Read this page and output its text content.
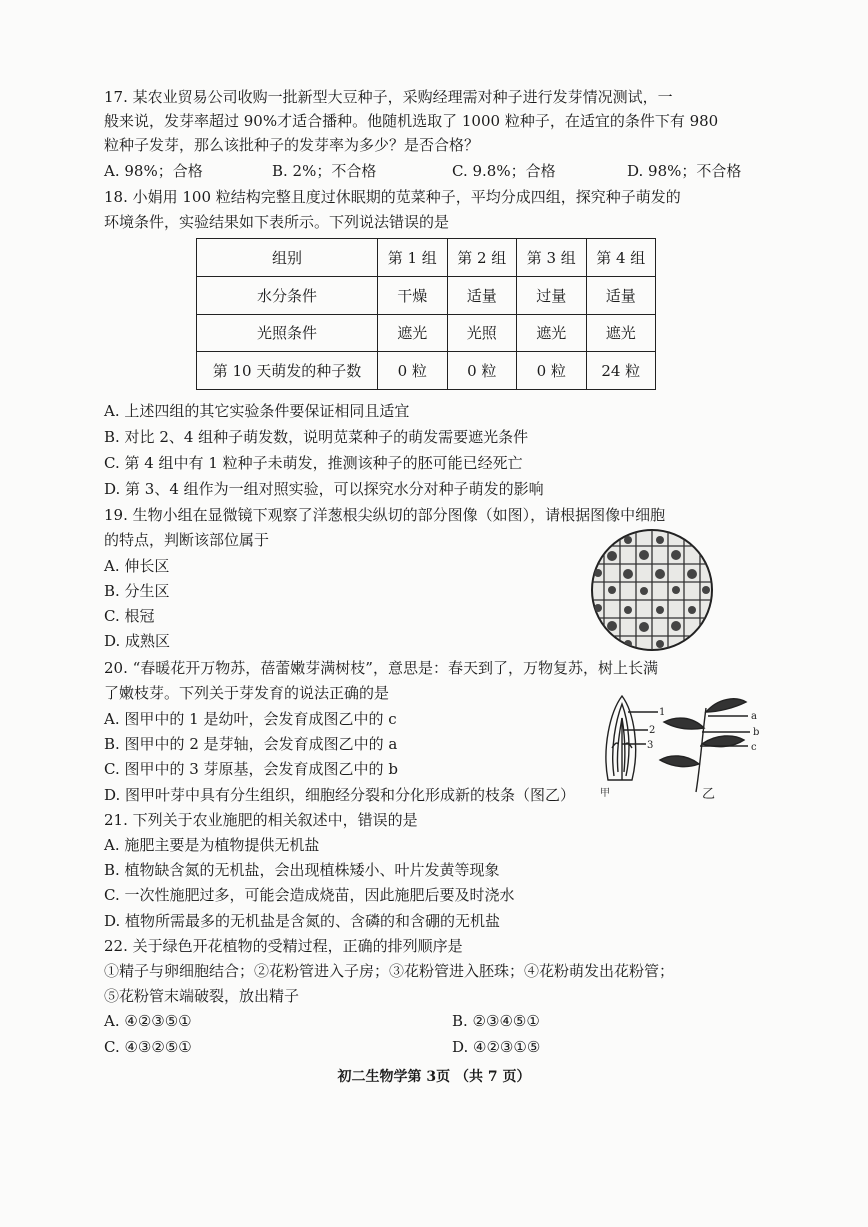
17. 某农业贸易公司收购一批新型大豆种子，采购经理需对种子进行发芽情况测试，一
般来说，发芽率超过 90%才适合播种。他随机选取了 1000 粒种子，在适宜的条件下有 980
粒种子发芽，那么该批种子的发芽率为多少？是否合格？
A. 98%；合格	B. 2%；不合格	C. 9.8%；合格	D. 98%；不合格
18. 小娟用 100 粒结构完整且度过休眠期的苋菜种子，平均分成四组，探究种子萌发的
环境条件，实验结果如下表所示。下列说法错误的是
组别	第 1 组	第 2 组	第 3 组	第 4 组
水分条件	干燥	适量	过量	适量
光照条件	遮光	光照	遮光	遮光
第 10 天萌发的种子数	0 粒	0 粒	0 粒	24 粒
A. 上述四组的其它实验条件要保证相同且适宜
B. 对比 2、4 组种子萌发数，说明苋菜种子的萌发需要遮光条件
C. 第 4 组中有 1 粒种子未萌发，推测该种子的胚可能已经死亡
D. 第 3、4 组作为一组对照实验，可以探究水分对种子萌发的影响
19. 生物小组在显微镜下观察了洋葱根尖纵切的部分图像（如图），请根据图像中细胞
的特点，判断该部位属于
A. 伸长区
B. 分生区
C. 根冠
D. 成熟区
20. “春暖花开万物苏，蓓蕾嫩芽满树枝”，意思是：春天到了，万物复苏，树上长满
了嫩枝芽。下列关于芽发育的说法正确的是
A. 图甲中的 1 是幼叶，会发育成图乙中的 c
B. 图甲中的 2 是芽轴，会发育成图乙中的 a
C. 图甲中的 3 芽原基，会发育成图乙中的 b
D. 图甲叶芽中具有分生组织，细胞经分裂和分化形成新的枝条（图乙） 甲	乙
1
2
3
a
b
c
21. 下列关于农业施肥的相关叙述中，错误的是
A. 施肥主要是为植物提供无机盐
B. 植物缺含氮的无机盐，会出现植株矮小、叶片发黄等现象
C. 一次性施肥过多，可能会造成烧苗，因此施肥后要及时浇水
D. 植物所需最多的无机盐是含氮的、含磷的和含硼的无机盐
22. 关于绿色开花植物的受精过程，正确的排列顺序是
①精子与卵细胞结合；②花粉管进入子房；③花粉管进入胚珠；④花粉萌发出花粉管；
⑤花粉管末端破裂，放出精子
A. ④②③⑤①	B. ②③④⑤①
C. ④③②⑤①	D. ④②③①⑤
初二生物学第 3页 （共 7 页）
